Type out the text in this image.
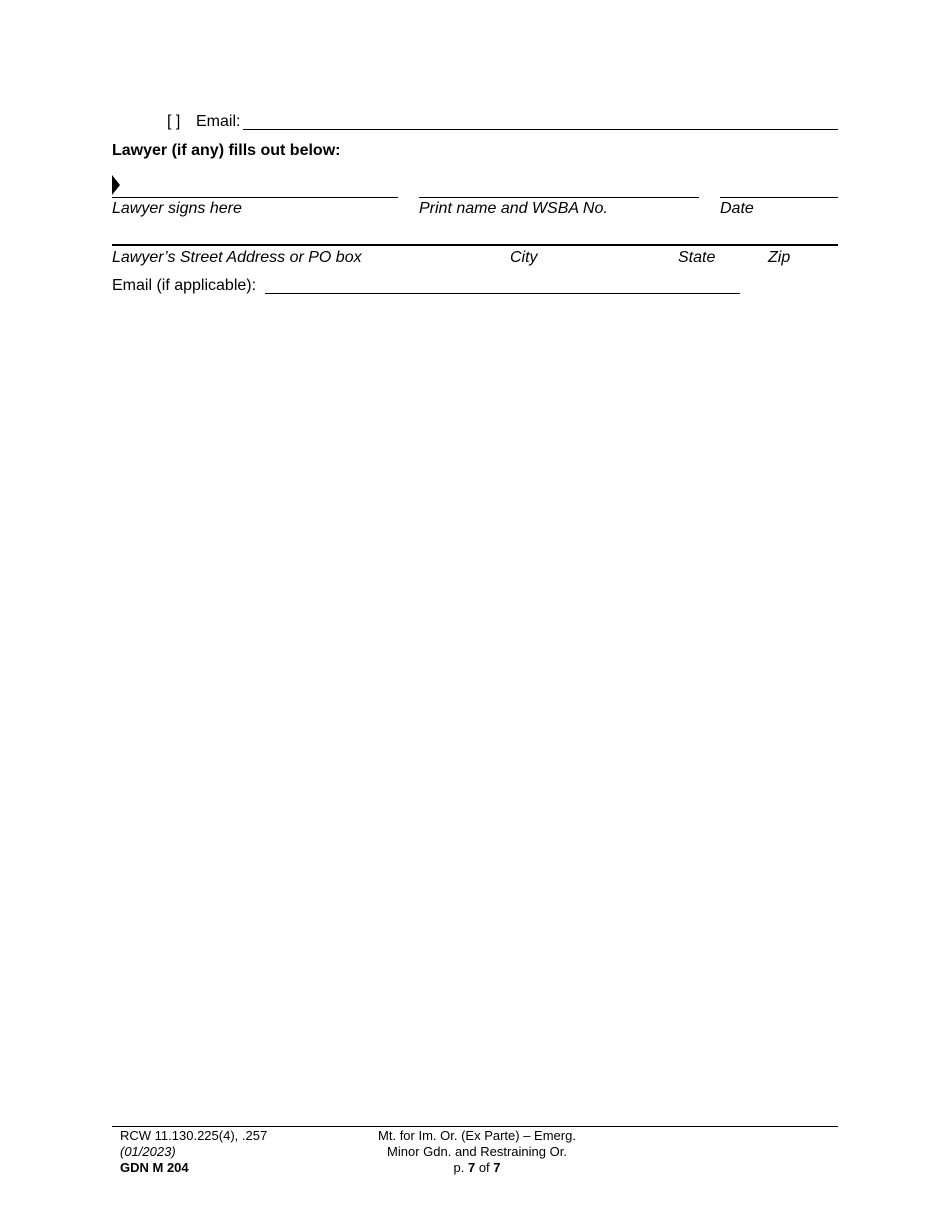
[ ] Email:
Lawyer (if any) fills out below:
Lawyer signs here	Print name and WSBA No.	Date
Lawyer’s Street Address or PO box	City	State	Zip
Email (if applicable):
RCW 11.130.225(4), .257
(01/2023)
GDN M 204
Mt. for Im. Or. (Ex Parte) – Emerg.
Minor Gdn. and Restraining Or.
p. 7 of 7
